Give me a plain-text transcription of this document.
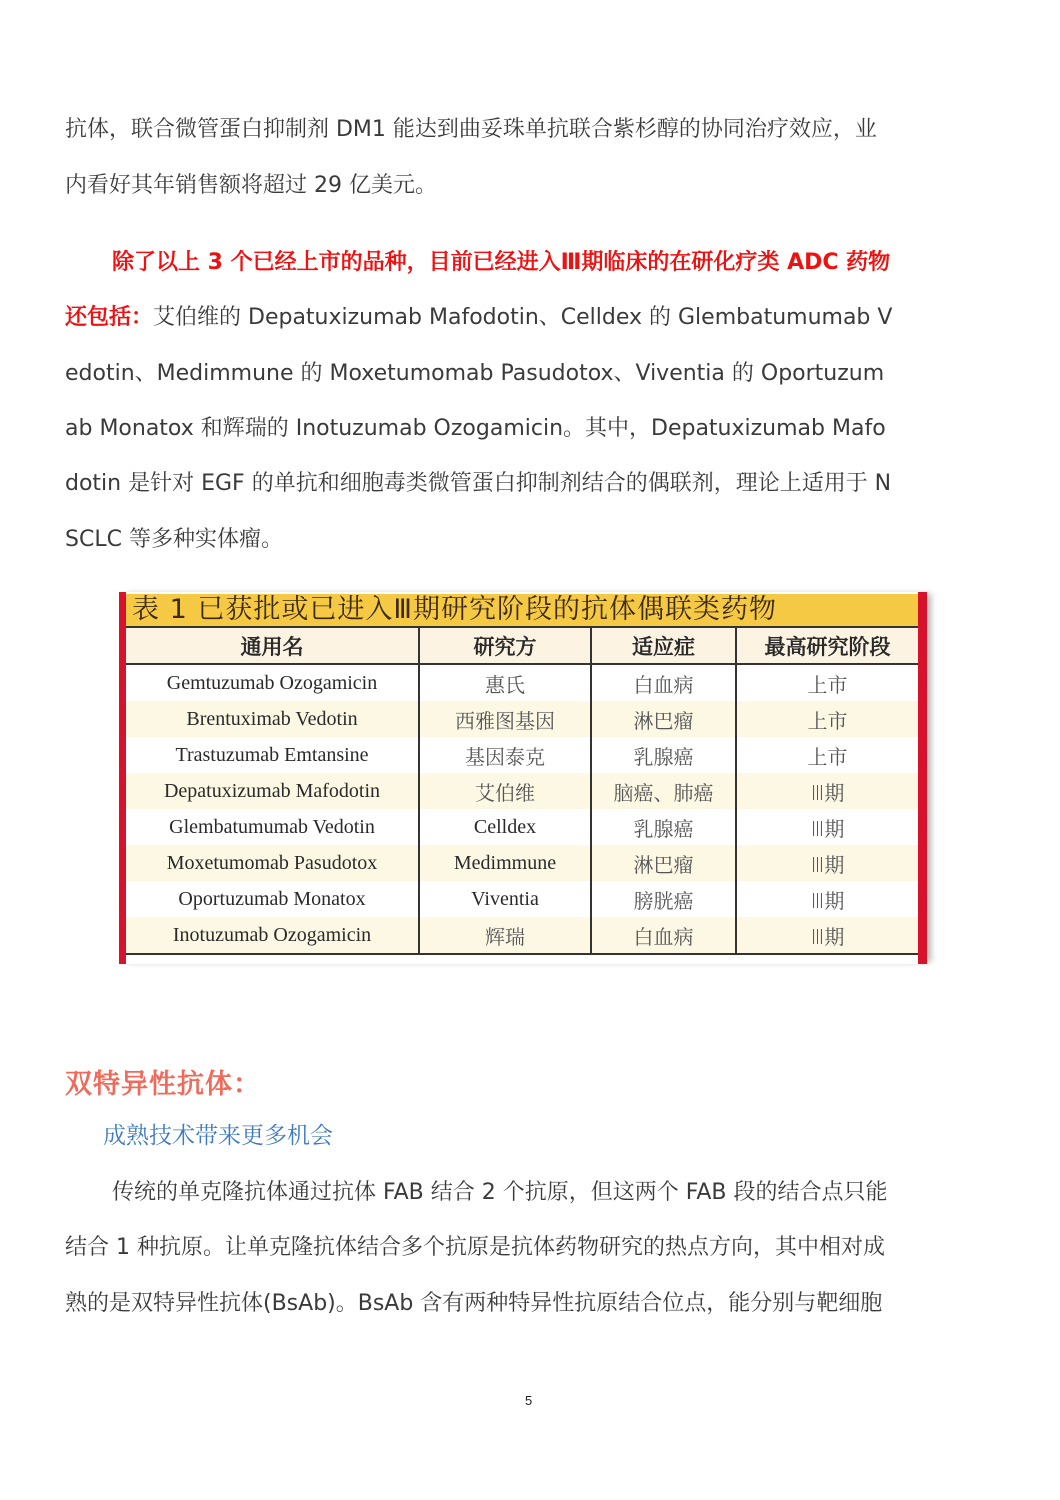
抗体，联合微管蛋白抑制剂 DM1 能达到曲妥珠单抗联合紫杉醇的协同治疗效应，业
内看好其年销售额将超过 29 亿美元。
除了以上 3 个已经上市的品种，目前已经进入Ⅲ期临床的在研化疗类 ADC 药物
还包括：艾伯维的 Depatuxizumab Mafodotin、Celldex 的 Glembatumumab V
edotin、Medimmune 的 Moxetumomab Pasudotox、Viventia 的 Oportuzum
ab Monatox 和辉瑞的 Inotuzumab Ozogamicin。其中，Depatuxizumab Mafo
dotin 是针对 EGF 的单抗和细胞毒类微管蛋白抑制剂结合的偶联剂，理论上适用于 N
SCLC 等多种实体瘤。
表 1 已获批或已进入Ⅲ期研究阶段的抗体偶联类药物
通用名	研究方	适应症	最高研究阶段
Gemtuzumab Ozogamicin	惠氏	白血病	上市
Brentuximab Vedotin	西雅图基因	淋巴瘤	上市
Trastuzumab Emtansine	基因泰克	乳腺癌	上市
Depatuxizumab Mafodotin	艾伯维	脑癌、肺癌	Ⅲ期
Glembatumumab Vedotin	Celldex	乳腺癌	Ⅲ期
Moxetumomab Pasudotox	Medimmune	淋巴瘤	Ⅲ期
Oportuzumab Monatox	Viventia	膀胱癌	Ⅲ期
Inotuzumab Ozogamicin	辉瑞	白血病	Ⅲ期
双特异性抗体：
成熟技术带来更多机会
传统的单克隆抗体通过抗体 FAB 结合 2 个抗原，但这两个 FAB 段的结合点只能
结合 1 种抗原。让单克隆抗体结合多个抗原是抗体药物研究的热点方向，其中相对成
熟的是双特异性抗体(BsAb)。BsAb 含有两种特异性抗原结合位点，能分别与靶细胞
5
